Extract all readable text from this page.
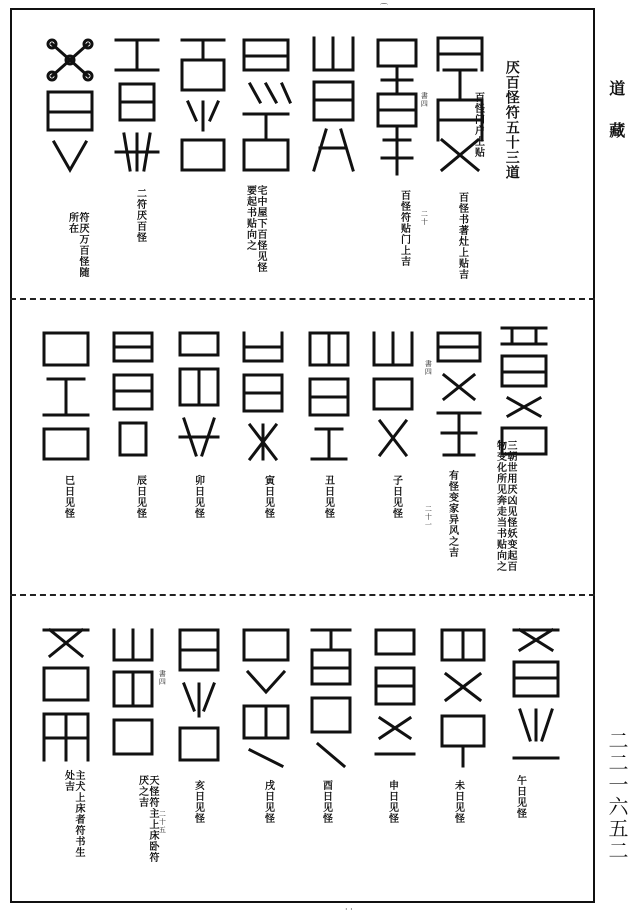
⌒
· ·
道藏
二二一六五二
厌百怪符五十三道
書四
二十
百怪门户上贴
百怪书著灶上贴吉
百怪符贴门上吉
宅中屋下百怪见怪要起书贴向之
二符厌百怪
符厌万百怪随所在
書四
二十一	三朝世用厌凶见怪妖变起百物变化所见奔走当书贴向之
有怪变家异风之吉
子日见怪
丑日见怪
寅日见怪
卯日见怪
辰日见怪
巳日见怪
書四
二十五
午日见怪
未日见怪
申日见怪
酉日见怪
戌日见怪
亥日见怪
天怪符主上床卧符厌之吉
主犬上床者符书生处吉
